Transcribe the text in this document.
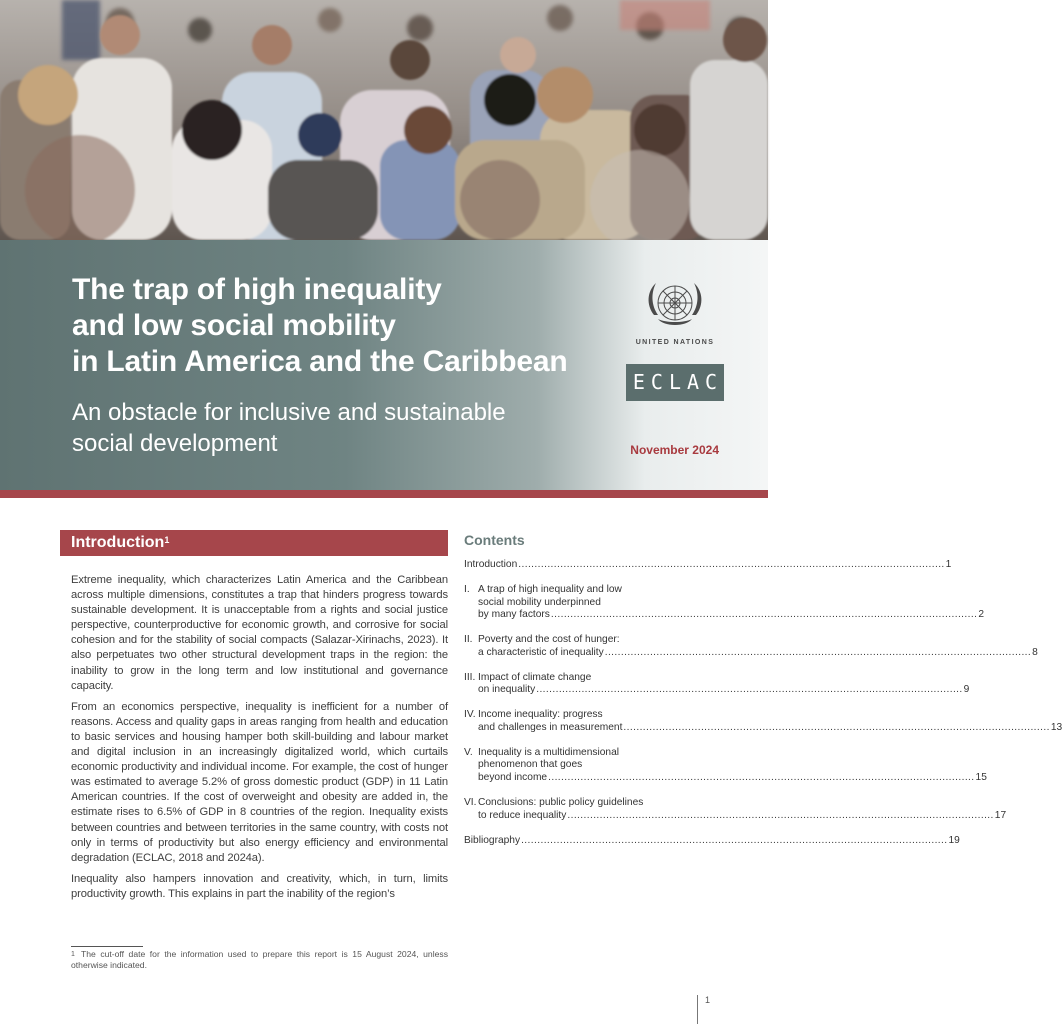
The trap of high inequality
and low social mobility
in Latin America and the Caribbean
An obstacle for inclusive and sustainable
social development
UNITED NATIONS
ECLAC
November 2024
Introduction$^1$

Extreme inequality, which characterizes Latin America and the Caribbean across multiple dimensions, constitutes a trap that hinders progress towards sustainable development. It is unacceptable from a rights and social justice perspective, counterproductive for economic growth, and corrosive for social cohesion and for the stability of social compacts (Salazar-Xirinachs, 2023). It also perpetuates two other structural development traps in the region: the inability to grow in the long term and low institutional and governance capacity.

From an economics perspective, inequality is inefficient for a number of reasons. Access and quality gaps in areas ranging from health and education to basic services and housing hamper both skill-building and labour market and digital inclusion in an increasingly digitalized world, which curtails economic productivity and individual income. For example, the cost of hunger was estimated to average 5.2% of gross domestic product (GDP) in 11 Latin American countries. If the cost of overweight and obesity are added in, the estimate rises to 6.5% of GDP in 8 countries of the region. Inequality exists between countries and between territories in the same country, with costs not only in terms of productivity but also energy efficiency and environmental degradation (ECLAC, 2018 and 2024a).

Inequality also hampers innovation and creativity, which, in turn, limits productivity growth. This explains in part the inability of the region’s

1 The cut-off date for the information used to prepare this report is 15 August 2024, unless otherwise indicated.
Contents
Introduction .....	1
I. A trap of high inequality and low
social mobility underpinned
by many factors .....	2
II. Poverty and the cost of hunger:
a characteristic of inequality .....	8
III. Impact of climate change
on inequality .....	9
IV. Income inequality: progress
and challenges in measurement .....	13
V. Inequality is a multidimensional
phenomenon that goes
beyond income .....	15
VI. Conclusions: public policy guidelines
to reduce inequality .....	17
Bibliography .....	19
1
